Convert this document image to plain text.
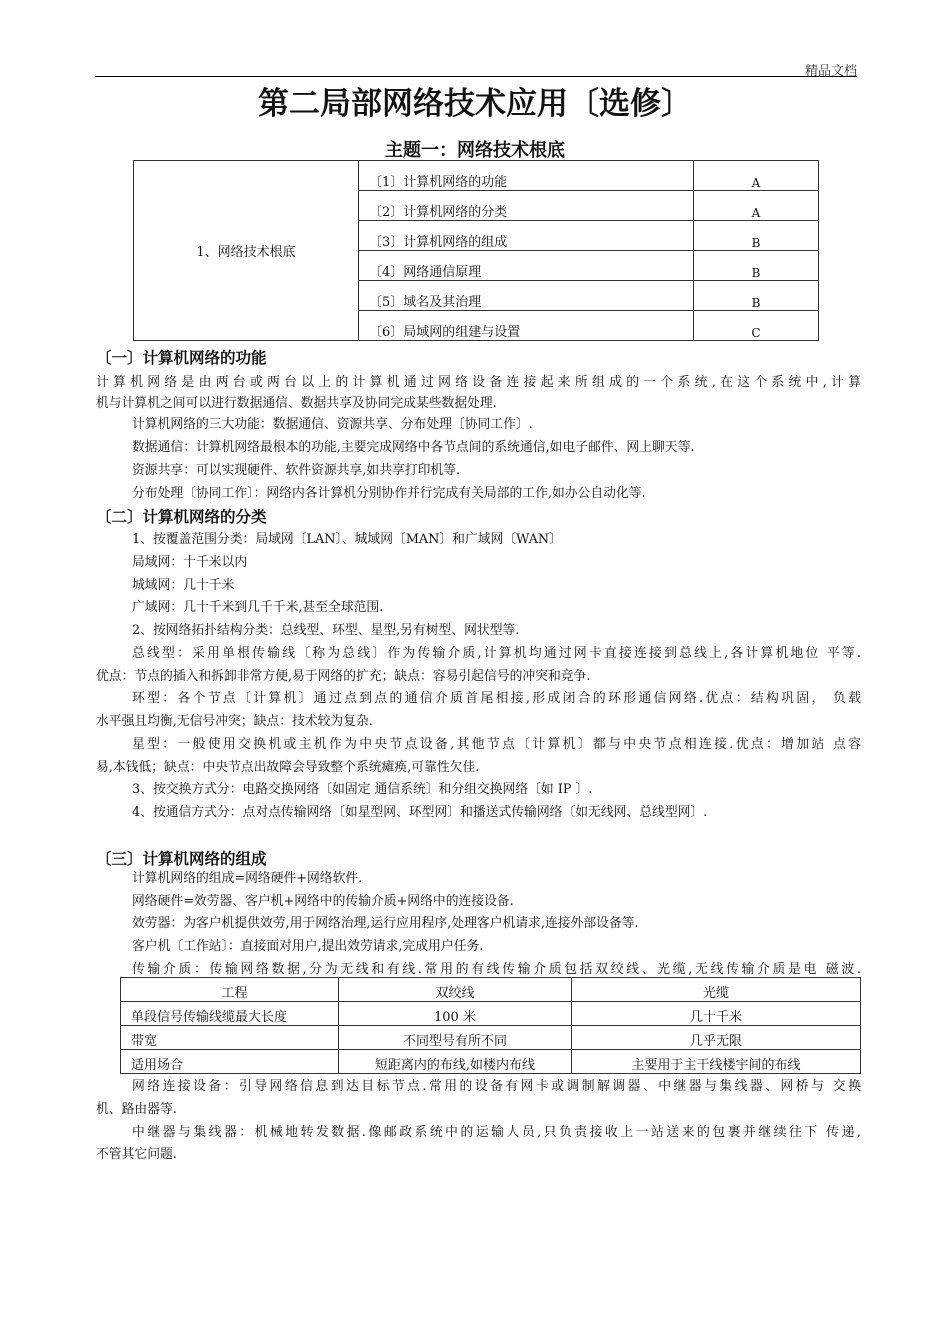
精品文档
第二局部网络技术应用〔选修〕
主题一：网络技术根底
1、网络技术根底	〔1〕计算机网络的功能	A
	〔2〕计算机网络的分类	A
	〔3〕计算机网络的组成	B
	〔4〕网络通信原理	B
	〔5〕域名及其治理	B
	〔6〕局域网的组建与设置	C
〔一〕计算机网络的功能
计算机网络是由两台或两台以上的计算机通过网络设备连接起来所组成的一个系统,在这个系统中,计算
机与计算机之间可以进行数据通信、数据共享及协同完成某些数据处理.
计算机网络的三大功能：数据通信、资源共享、分布处理〔协同工作〕.
数据通信：计算机网络最根本的功能,主要完成网络中各节点间的系统通信,如电子邮件、网上聊天等.
资源共享：可以实现硬件、软件资源共享,如共享打印机等.
分布处理〔协同工作〕：网络内各计算机分别协作并行完成有关局部的工作,如办公自动化等.
〔二〕计算机网络的分类
1、按覆盖范围分类：局域网〔LAN〕、城域网〔MAN〕和广域网〔WAN〕
局域网：十千米以内
城域网：几十千米
广域网：几十千米到几千千米,甚至全球范围.
2、按网络拓扑结构分类：总线型、环型、星型,另有树型、网状型等.
总线型：采用单根传输线〔称为总线〕作为传输介质,计算机均通过网卡直接连接到总线上,各计算机地位 平等.
优点：节点的插入和拆卸非常方便,易于网络的扩充；缺点：容易引起信号的冲突和竞争.
环型：各个节点〔计算机〕通过点到点的通信介质首尾相接,形成闭合的环形通信网络.优点：结构巩固， 负载
水平强且均衡,无信号冲突；缺点：技术较为复杂.
星型：一般使用交换机或主机作为中央节点设备,其他节点〔计算机〕都与中央节点相连接.优点：增加站 点容
易,本钱低；缺点：中央节点出故障会导致整个系统瘫痪,可靠性欠佳.
3、按交换方式分：电路交换网络〔如固定 通信系统〕和分组交换网络〔如 IP 〕.
4、按通信方式分：点对点传输网络〔如星型网、环型网〕和播送式传输网络〔如无线网、总线型网〕.
〔三〕计算机网络的组成
计算机网络的组成=网络硬件+网络软件.
网络硬件=效劳器、客户机+网络中的传输介质+网络中的连接设备.
效劳器：为客户机提供效劳,用于网络治理,运行应用程序,处理客户机请求,连接外部设备等.
客户机〔工作站〕：直接面对用户,提出效劳请求,完成用户任务.
传输介质：传输网络数据,分为无线和有线.常用的有线传输介质包括双绞线、光缆,无线传输介质是电 磁波.
工程	双绞线	光缆
单段信号传输线缆最大长度	100 米	几十千米
带宽	不同型号有所不同	几乎无限
适用场合	短距离内的布线,如楼内布线	主要用于主干线楼宇间的布线
网络连接设备：引导网络信息到达目标节点.常用的设备有网卡或调制解调器、中继器与集线器、网桥与 交换
机、路由器等.
中继器与集线器：机械地转发数据.像邮政系统中的运输人员,只负责接收上一站送来的包裹并继续往下 传递,
不管其它问题.
